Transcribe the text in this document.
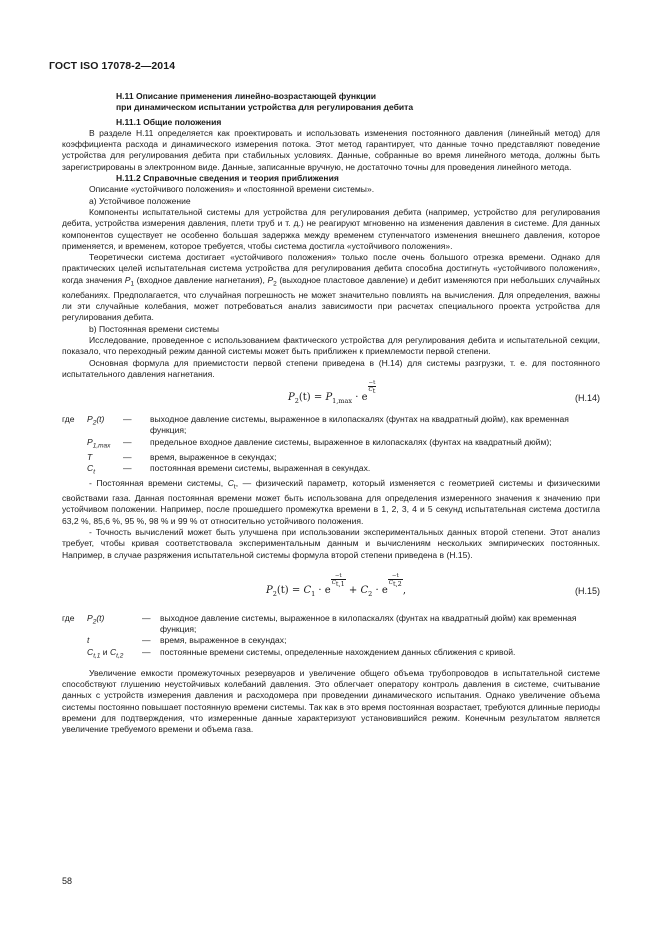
ГОСТ ISO 17078-2—2014
Н.11 Описание применения линейно-возрастающей функции
при динамическом испытании устройства для регулирования дебита
Н.11.1 Общие положения

В разделе Н.11 определяется как проектировать и использовать изменения постоянного давления (линейный метод) для коэффициента расхода и динамического измерения потока. Этот метод гарантирует, что данные точно представляют поведение устройства для регулирования дебита при стабильных условиях. Данные, собранные во время линейного метода, должны быть зарегистрированы в электронном виде. Данные, записанные вручную, не достаточно точны для проведения линейного метода.

Н.11.2 Справочные сведения и теория приближения

Описание «устойчивого положения» и «постоянной времени системы».

а) Устойчивое положение

Компоненты испытательной системы для устройства для регулирования дебита (например, устройство для регулирования дебита, устройства измерения давления, плети труб и т. д.) не реагируют мгновенно на изменения давления в системе. Для данных компонентов существует не особенно большая задержка между временем ступенчатого изменения внешнего давления, которое применяется, и временем, которое требуется, чтобы система достигла «устойчивого положения».

Теоретически система достигает «устойчивого положения» только после очень большого отрезка времени. Однако для практических целей испытательная система устройства для регулирования дебита способна достигнуть «устойчивого положения», когда значения $P_1$ (входное давление нагнетания), $P_2$ (выходное пластовое давление) и дебит изменяются при небольших случайных колебаниях. Предполагается, что случайная погрешность не может значительно повлиять на вычисления. Для определения, важны ли эти случайные колебания, может потребоваться анализ зависимости при расчетах специального проекта устройства для регулирования дебита.

b) Постоянная времени системы

Исследование, проведенное с использованием фактического устройства для регулирования дебита и испытательной секции, показало, что переходный режим данной системы может быть приближен к приемлемости первой степени.

Основная формула для приемистости первой степени приведена в (Н.14) для системы разгрузки, т. е. для постоянного испытательного давления нагнетания.

$P_2(t) = P_{1,max} \cdot e$
$\frac{-t}{C_t}$
(Н.14)
где	$P_2(t)$	—	выходное давление системы, выраженное в килопаскалях (фунтах на квадратный дюйм), как временная функция;
	$P_{1,max}$	—	предельное входное давление системы, выраженное в килопаскалях (фунтах на квадратный дюйм);
	T	—	время, выраженное в секундах;
	$C_t$	—	постоянная времени системы, выраженная в секундах.

- Постоянная времени системы, $C_t$, — физический параметр, который изменяется с геометрией системы и физическими свойствами газа. Данная постоянная времени может быть использована для определения измеренного значения к значению при устойчивом положении. Например, после прошедшего промежутка времени в 1, 2, 3, 4 и 5 секунд испытательная система достигла 63,2 %, 85,6 %, 95 %, 98 % и 99 % от относительно устойчивого положения.

- Точность вычислений может быть улучшена при использовании экспериментальных данных второй степени. Этот анализ требует, чтобы кривая соответствовала экспериментальным данным и вычислениям нескольких эмпирических постоянных. Например, в случае разряжения испытательной системы формула второй степени приведена в (Н.15).

$P_2(t) = C_1 \cdot e$
$\frac{-t}{C_{t,1}}$
+ $C_2 \cdot e$
$\frac{-t}{C_{t,2}}$
,	(Н.15)
где	$P_2(t)$	—	выходное давление системы, выраженное в килопаскалях (фунтах на квадратный дюйм) как временная функция;
	t	—	время, выраженное в секундах;
	$C_{t,1}$ и $C_{t,2}$	—	постоянные времени системы, определенные нахождением данных сближения с кривой.

Увеличение емкости промежуточных резервуаров и увеличение общего объема трубопроводов в испытательной системе способствуют глушению неустойчивых колебаний давления. Это облегчает оператору контроль давления в системе, считывание данных с устройств измерения давления и расходомера при проведении динамического испытания. Однако увеличение объема системы постоянно повышает постоянную времени системы. Так как в это время постоянная возрастает, требуются длинные периоды времени для подтверждения, что измеренные данные характеризуют установившийся режим. Конечным результатом является увеличение требуемого времени и объема газа.

58
